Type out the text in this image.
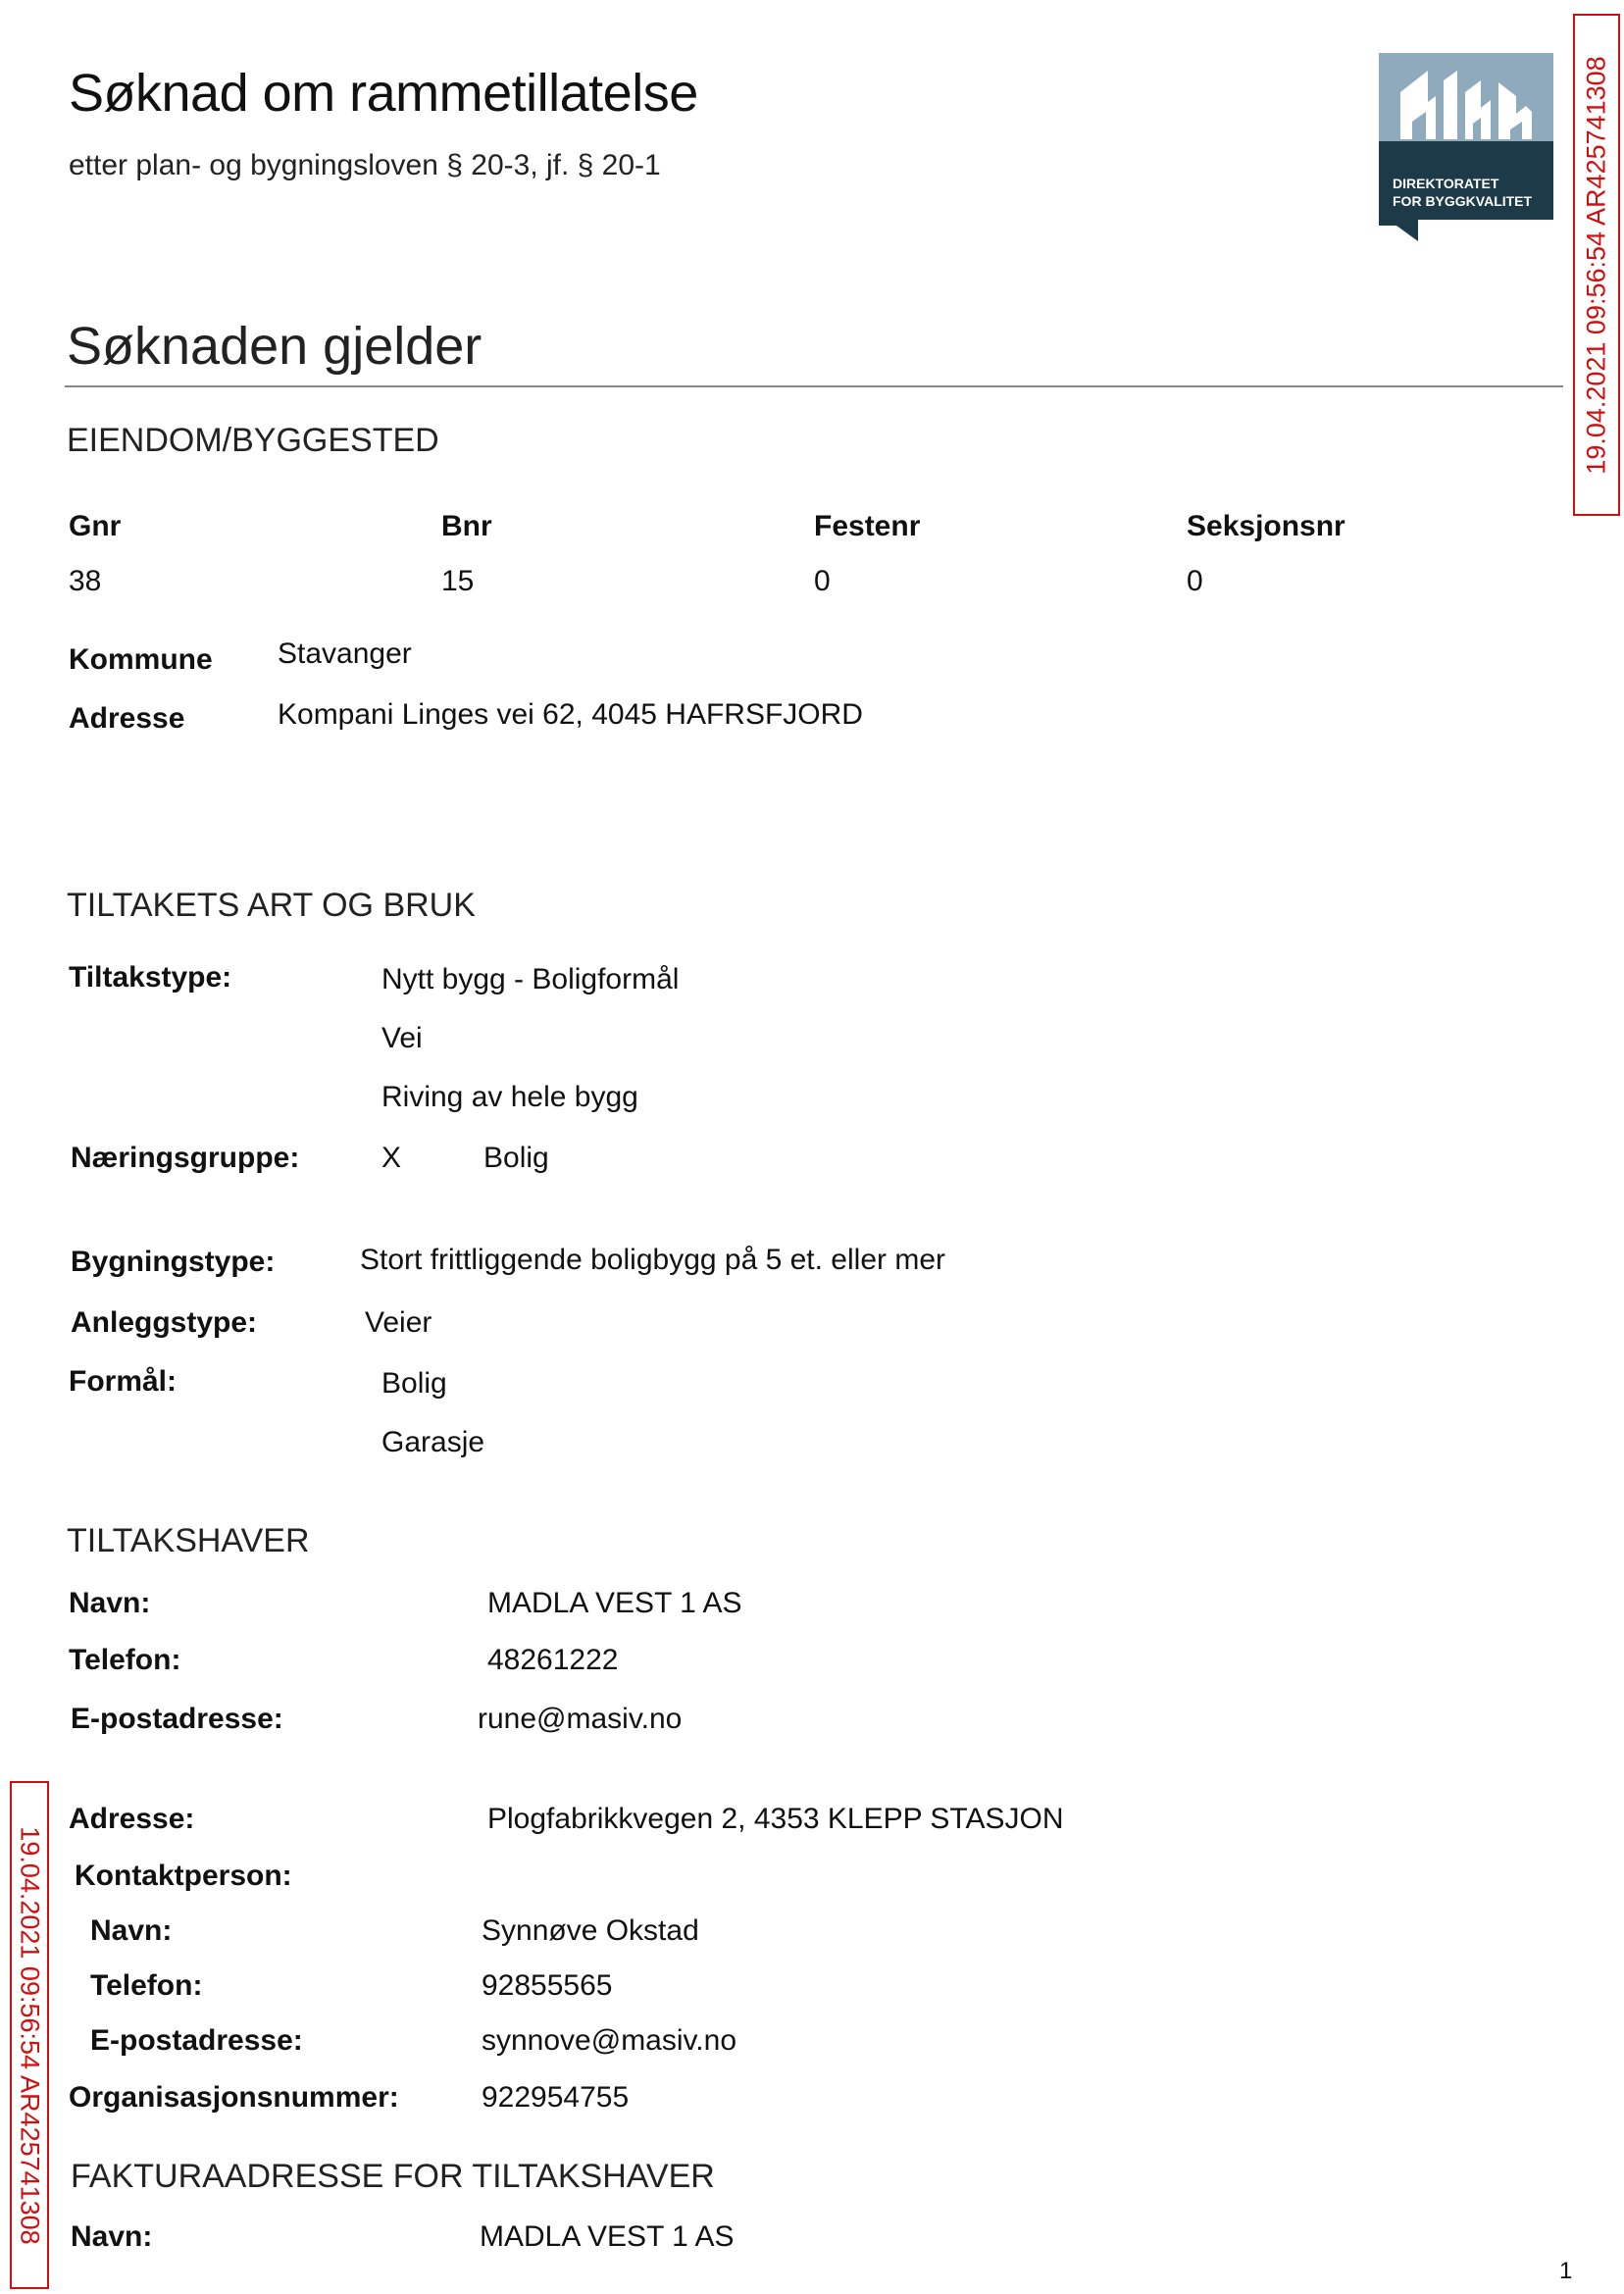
Søknad om rammetillatelse
etter plan- og bygningsloven § 20-3, jf. § 20-1
DIREKTORATET
FOR BYGGKVALITET 19.04.2021 09:56:54 AR425741308
19.04.2021 09:56:54 AR425741308
Søknaden gjelder
EIENDOM/BYGGESTED
Gnr	Bnr	Festenr	Seksjonsnr
38	15	0	0
Kommune Stavanger
Adresse	Kompani Linges vei 62, 4045 HAFRSFJORD
TILTAKETS ART OG BRUK
Tiltakstype:	Nytt bygg - Boligformål
Vei
Riving av hele bygg
Næringsgruppe:	X	Bolig
Bygningstype:	Stort frittliggende boligbygg på 5 et. eller mer
Anleggstype:	Veier
Formål:	Bolig
Garasje
TILTAKSHAVER
Navn:	MADLA VEST 1 AS
Telefon:	48261222
E-postadresse:	rune@masiv.no
Adresse:	Plogfabrikkvegen 2, 4353 KLEPP STASJON
Kontaktperson:
Navn:	Synnøve Okstad
Telefon:	92855565
E-postadresse:	synnove@masiv.no
Organisasjonsnummer:	922954755
FAKTURAADRESSE FOR TILTAKSHAVER
Navn:	MADLA VEST 1 AS
1
